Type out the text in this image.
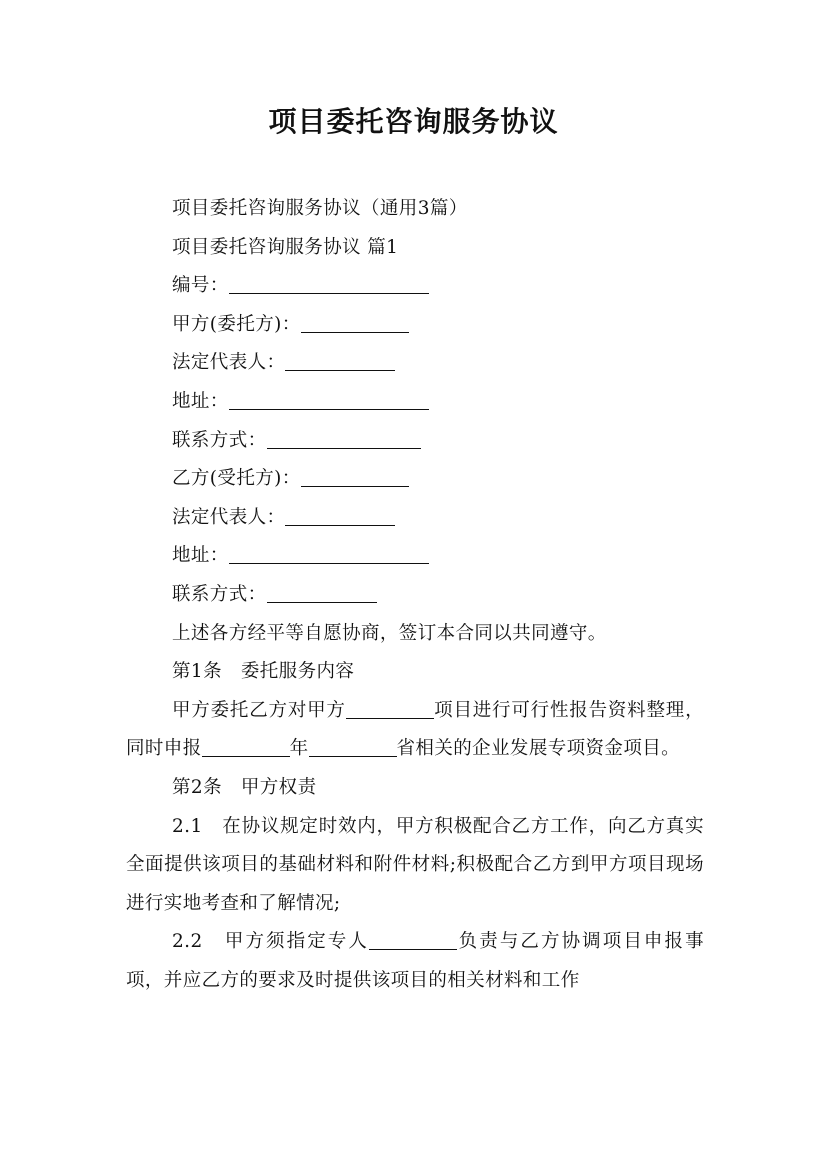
项目委托咨询服务协议

项目委托咨询服务协议（通用3篇）

项目委托咨询服务协议 篇1

编号：

甲方(委托方)：

法定代表人：

地址：

联系方式：

乙方(受托方)：

法定代表人：

地址：

联系方式：

上述各方经平等自愿协商，签订本合同以共同遵守。

第1条　委托服务内容

甲方委托乙方对甲方	项目进行可行性报告资料整理，同时申报	年	省相关的企业发展专项资金项目。

第2条　甲方权责

2.1　在协议规定时效内，甲方积极配合乙方工作，向乙方真实全面提供该项目的基础材料和附件材料;积极配合乙方到甲方项目现场进行实地考查和了解情况;

2.2　甲方须指定专人	负责与乙方协调项目申报事项，并应乙方的要求及时提供该项目的相关材料和工作
